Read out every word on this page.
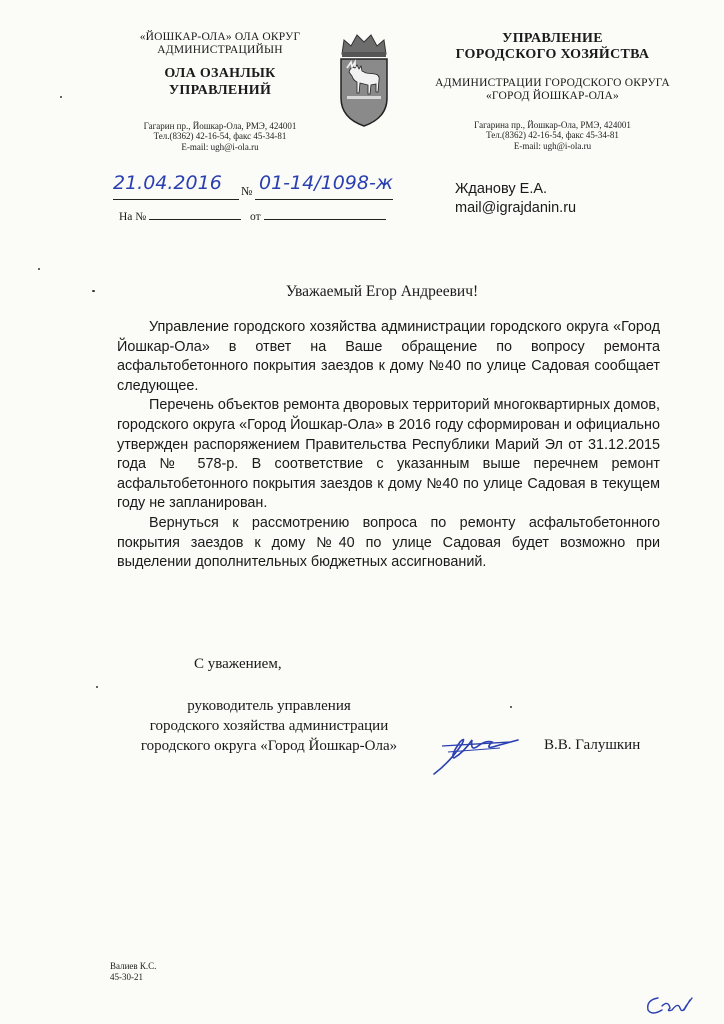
«ЙОШКАР-ОЛА» ОЛА ОКРУГ
АДМИНИСТРАЦИЙЫН
ОЛА ОЗАНЛЫК
УПРАВЛЕНИЙ
Гагарин пр., Йошкар-Ола, РМЭ, 424001
Тел.(8362) 42-16-54, факс 45-34-81
E-mail: ugh@i-ola.ru
УПРАВЛЕНИЕ
ГОРОДСКОГО ХОЗЯЙСТВА
АДМИНИСТРАЦИИ ГОРОДСКОГО ОКРУГА
«ГОРОД ЙОШКАР-ОЛА»
Гагарина пр., Йошкар-Ола, РМЭ, 424001
Тел.(8362) 42-16-54, факс 45-34-81
E-mail: ugh@i-ola.ru
21.04.2016 № 01-14/1098-ж
На №	от
Жданову Е.А.
mail@igrajdanin.ru
Уважаемый Егор Андреевич!

Управление городского хозяйства администрации городского округа «Город Йошкар-Ола» в ответ на Ваше обращение по вопросу ремонта асфальтобетонного покрытия заездов к дому №40 по улице Садовая сообщает следующее.

Перечень объектов ремонта дворовых территорий многоквартирных домов, городского округа «Город Йошкар-Ола» в 2016 году сформирован и официально утвержден распоряжением Правительства Республики Марий Эл от 31.12.2015 года № 578-р. В соответствие с указанным выше перечнем ремонт асфальтобетонного покрытия заездов к дому №40 по улице Садовая в текущем году не запланирован.

Вернуться к рассмотрению вопроса по ремонту асфальтобетонного покрытия заездов к дому №40 по улице Садовая будет возможно при выделении дополнительных бюджетных ассигнований.

С уважением,
руководитель управления
городского хозяйства администрации
городского округа «Город Йошкар-Ола»	В.В. Галушкин
Валиев К.С.
45-30-21
